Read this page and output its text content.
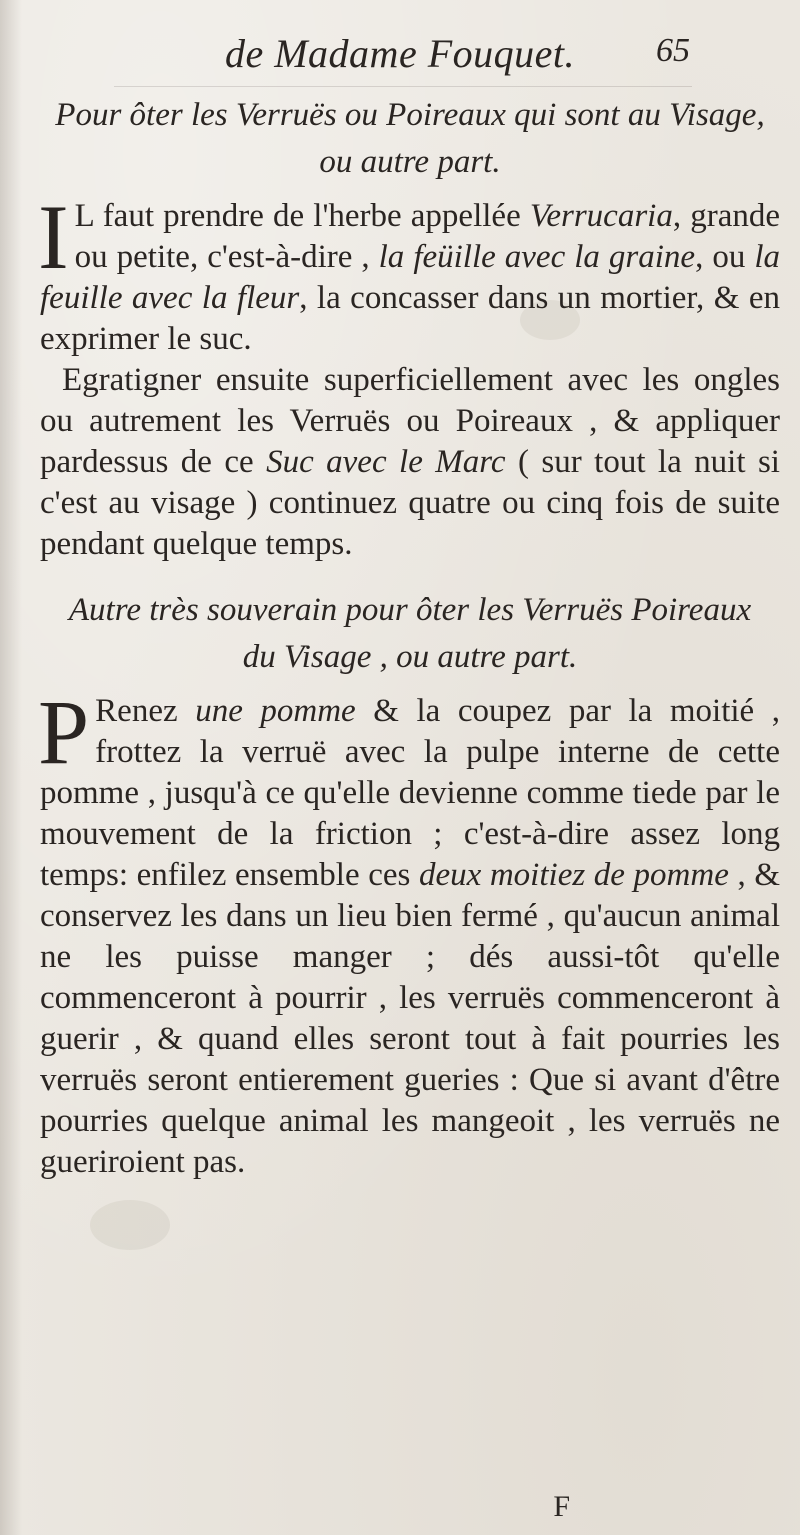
de Madame Fouquet.	65
Pour ôter les Verruës ou Poireaux qui sont au Visage, ou autre part.

I L faut prendre de l'herbe appellée Verrucaria, grande ou petite, c'est-à-dire , la feüille avec la graine, ou la feuille avec la fleur, la concasser dans un mortier, & en exprimer le suc.

Egratigner ensuite superficiellement avec les ongles ou autrement les Verruës ou Poireaux , & appliquer pardessus de ce Suc avec le Marc ( sur tout la nuit si c'est au visage ) continuez quatre ou cinq fois de suite pendant quelque temps.

Autre très souverain pour ôter les Verruës Poireaux du Visage , ou autre part.

P Renez une pomme & la coupez par la moitié , frottez la verruë avec la pulpe interne de cette pomme , jusqu'à ce qu'elle devienne comme tiede par le mouvement de la friction ; c'est-à-dire assez long temps: enfilez ensemble ces deux moitiez de pomme , & conservez les dans un lieu bien fermé , qu'aucun animal ne les puisse manger ; dés aussi-tôt qu'elle commenceront à pourrir , les verruës commenceront à guerir , & quand elles seront tout à fait pourries les verruës seront entierement gueries : Que si avant d'être pourries quelque animal les mangeoit , les verruës ne gueriroient pas.

F
